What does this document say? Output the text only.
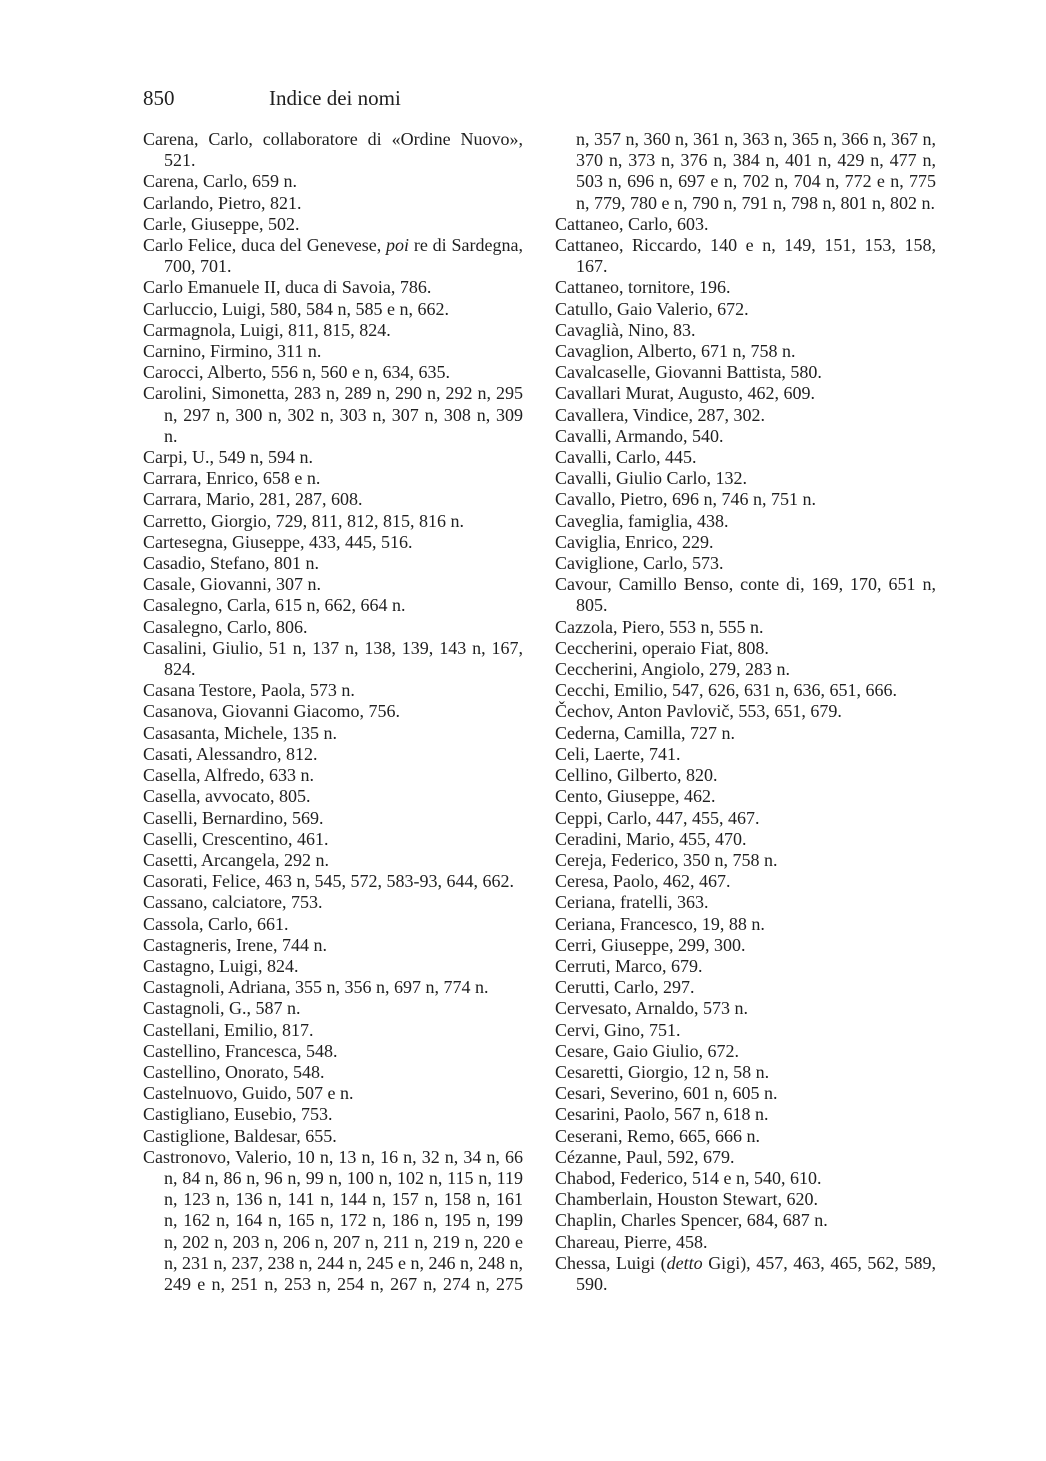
850	Indice dei nomi

Carena, Carlo, collaboratore di «Ordine Nuovo», 521.

Carena, Carlo, 659 n.

Carlando, Pietro, 821.

Carle, Giuseppe, 502.

Carlo Felice, duca del Genevese, poi re di Sardegna, 700, 701.

Carlo Emanuele II, duca di Savoia, 786.

Carluccio, Luigi, 580, 584 n, 585 e n, 662.

Carmagnola, Luigi, 811, 815, 824.

Carnino, Firmino, 311 n.

Carocci, Alberto, 556 n, 560 e n, 634, 635.

Carolini, Simonetta, 283 n, 289 n, 290 n, 292 n, 295 n, 297 n, 300 n, 302 n, 303 n, 307 n, 308 n, 309 n.

Carpi, U., 549 n, 594 n.

Carrara, Enrico, 658 e n.

Carrara, Mario, 281, 287, 608.

Carretto, Giorgio, 729, 811, 812, 815, 816 n.

Cartesegna, Giuseppe, 433, 445, 516.

Casadio, Stefano, 801 n.

Casale, Giovanni, 307 n.

Casalegno, Carla, 615 n, 662, 664 n.

Casalegno, Carlo, 806.

Casalini, Giulio, 51 n, 137 n, 138, 139, 143 n, 167, 824.

Casana Testore, Paola, 573 n.

Casanova, Giovanni Giacomo, 756.

Casasanta, Michele, 135 n.

Casati, Alessandro, 812.

Casella, Alfredo, 633 n.

Casella, avvocato, 805.

Caselli, Bernardino, 569.

Caselli, Crescentino, 461.

Casetti, Arcangela, 292 n.

Casorati, Felice, 463 n, 545, 572, 583-93, 644, 662.

Cassano, calciatore, 753.

Cassola, Carlo, 661.

Castagneris, Irene, 744 n.

Castagno, Luigi, 824.

Castagnoli, Adriana, 355 n, 356 n, 697 n, 774 n.

Castagnoli, G., 587 n.

Castellani, Emilio, 817.

Castellino, Francesca, 548.

Castellino, Onorato, 548.

Castelnuovo, Guido, 507 e n.

Castigliano, Eusebio, 753.

Castiglione, Baldesar, 655.

Castronovo, Valerio, 10 n, 13 n, 16 n, 32 n, 34 n, 66 n, 84 n, 86 n, 96 n, 99 n, 100 n, 102 n, 115 n, 119 n, 123 n, 136 n, 141 n, 144 n, 157 n, 158 n, 161 n, 162 n, 164 n, 165 n, 172 n, 186 n, 195 n, 199 n, 202 n, 203 n, 206 n, 207 n, 211 n, 219 n, 220 e n, 231 n, 237, 238 n, 244 n, 245 e n, 246 n, 248 n, 249 e n, 251 n, 253 n, 254 n, 267 n, 274 n, 275

n, 357 n, 360 n, 361 n, 363 n, 365 n, 366 n, 367 n, 370 n, 373 n, 376 n, 384 n, 401 n, 429 n, 477 n, 503 n, 696 n, 697 e n, 702 n, 704 n, 772 e n, 775 n, 779, 780 e n, 790 n, 791 n, 798 n, 801 n, 802 n.

Cattaneo, Carlo, 603.

Cattaneo, Riccardo, 140 e n, 149, 151, 153, 158, 167.

Cattaneo, tornitore, 196.

Catullo, Gaio Valerio, 672.

Cavaglià, Nino, 83.

Cavaglion, Alberto, 671 n, 758 n.

Cavalcaselle, Giovanni Battista, 580.

Cavallari Murat, Augusto, 462, 609.

Cavallera, Vindice, 287, 302.

Cavalli, Armando, 540.

Cavalli, Carlo, 445.

Cavalli, Giulio Carlo, 132.

Cavallo, Pietro, 696 n, 746 n, 751 n.

Caveglia, famiglia, 438.

Caviglia, Enrico, 229.

Caviglione, Carlo, 573.

Cavour, Camillo Benso, conte di, 169, 170, 651 n, 805.

Cazzola, Piero, 553 n, 555 n.

Ceccherini, operaio Fiat, 808.

Ceccherini, Angiolo, 279, 283 n.

Cecchi, Emilio, 547, 626, 631 n, 636, 651, 666.

Čechov, Anton Pavlovič, 553, 651, 679.

Cederna, Camilla, 727 n.

Celi, Laerte, 741.

Cellino, Gilberto, 820.

Cento, Giuseppe, 462.

Ceppi, Carlo, 447, 455, 467.

Ceradini, Mario, 455, 470.

Cereja, Federico, 350 n, 758 n.

Ceresa, Paolo, 462, 467.

Ceriana, fratelli, 363.

Ceriana, Francesco, 19, 88 n.

Cerri, Giuseppe, 299, 300.

Cerruti, Marco, 679.

Cerutti, Carlo, 297.

Cervesato, Arnaldo, 573 n.

Cervi, Gino, 751.

Cesare, Gaio Giulio, 672.

Cesaretti, Giorgio, 12 n, 58 n.

Cesari, Severino, 601 n, 605 n.

Cesarini, Paolo, 567 n, 618 n.

Ceserani, Remo, 665, 666 n.

Cézanne, Paul, 592, 679.

Chabod, Federico, 514 e n, 540, 610.

Chamberlain, Houston Stewart, 620.

Chaplin, Charles Spencer, 684, 687 n.

Chareau, Pierre, 458.

Chessa, Luigi (detto Gigi), 457, 463, 465, 562, 589, 590.
